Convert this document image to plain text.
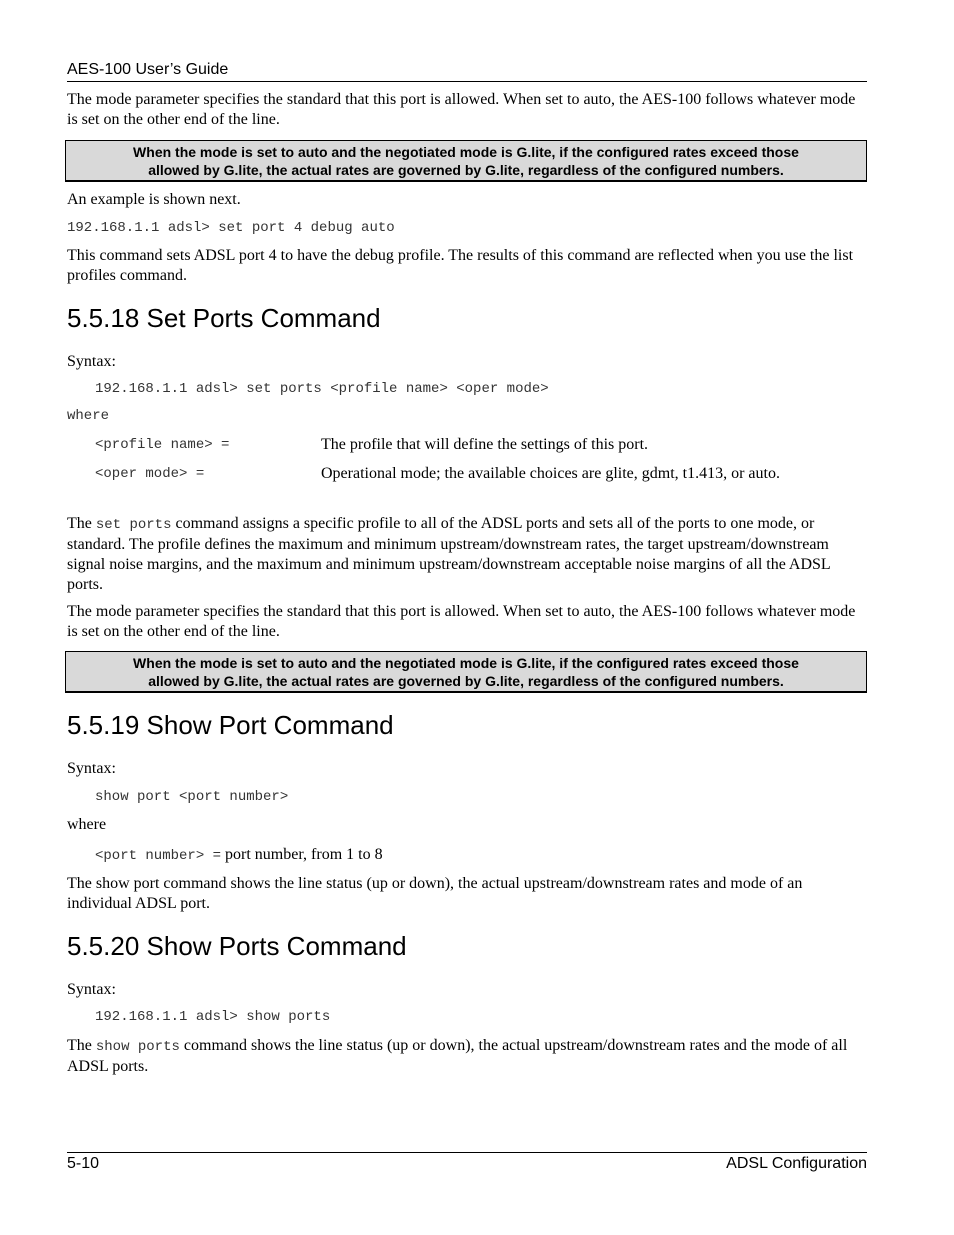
AES-100 User’s Guide

The mode parameter specifies the standard that this port is allowed. When set to auto, the AES-100 follows whatever mode is set on the other end of the line.

When the mode is set to auto and the negotiated mode is G.lite, if the configured rates exceed those
allowed by G.lite, the actual rates are governed by G.lite, regardless of the configured numbers.

An example is shown next.

192.168.1.1 adsl> set port 4 debug auto

This command sets ADSL port 4 to have the debug profile. The results of this command are reflected when you use the list profiles command.

5.5.18 Set Ports Command

Syntax:

192.168.1.1 adsl> set ports <profile name> <oper mode>

where

<profile name> =	The profile that will define the settings of this port.
<oper mode> =	Operational mode; the available choices are glite, gdmt, t1.413, or auto.

The set ports command assigns a specific profile to all of the ADSL ports and sets all of the ports to one mode, or standard. The profile defines the maximum and minimum upstream/downstream rates, the target upstream/downstream signal noise margins, and the maximum and minimum upstream/downstream acceptable noise margins of all the ADSL ports.

The mode parameter specifies the standard that this port is allowed. When set to auto, the AES-100 follows whatever mode is set on the other end of the line.

When the mode is set to auto and the negotiated mode is G.lite, if the configured rates exceed those
allowed by G.lite, the actual rates are governed by G.lite, regardless of the configured numbers.
5.5.19 Show Port Command

Syntax:

show port <port number>

where

<port number> = port number, from 1 to 8

The show port command shows the line status (up or down), the actual upstream/downstream rates and mode of an individual ADSL port.

5.5.20 Show Ports Command

Syntax:

192.168.1.1 adsl> show ports

The show ports command shows the line status (up or down), the actual upstream/downstream rates and the mode of all ADSL ports.

5-10	ADSL Configuration
